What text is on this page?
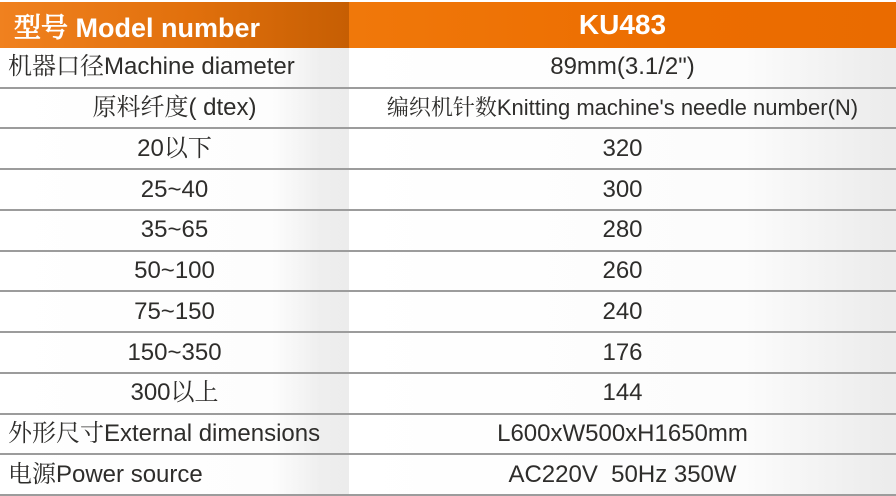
型号 Model number	KU483
机器口径Machine diameter	89mm(3.1/2")
原料纤度( dtex)	编织机针数Knitting machine's needle number(N)
20以下	320
25~40	300
35~65	280
50~100	260
75~150	240
150~350	176
300以上	144
外形尺寸External dimensions	L600xW500xH1650mm
电源Power source	AC220V  50Hz 350W
